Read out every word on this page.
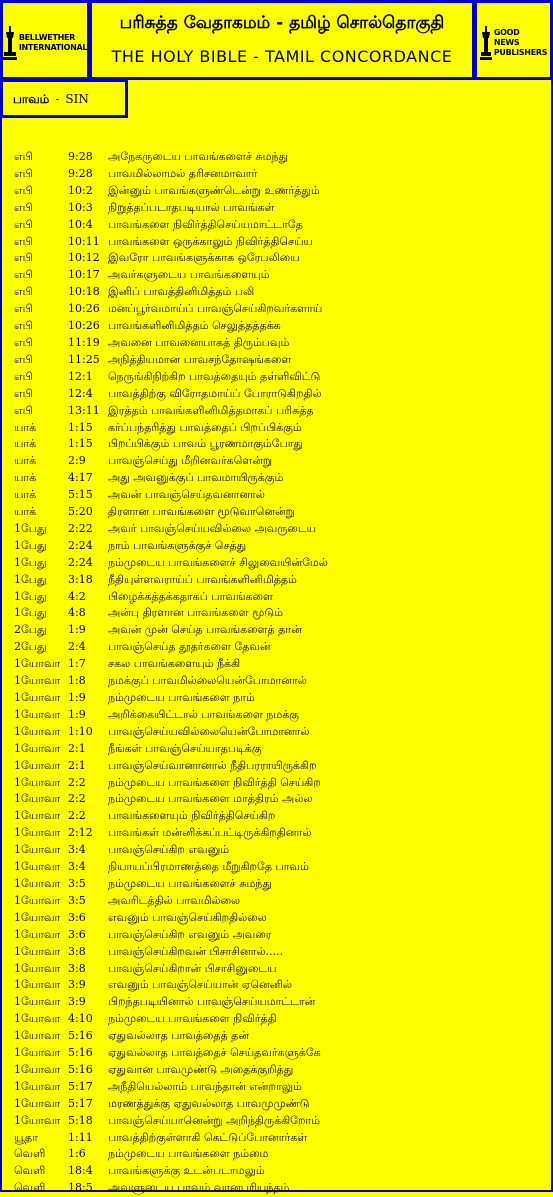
BELLWETHER INTERNATIONAL
பரிசுத்த வேதாகமம் - தமிழ் சொல்தொகுதி
THE HOLY BIBLE - TAMIL CONCORDANCE
GOOD NEWS PUBLISHERS
பாவம் - SIN
எபி	9:28 அநேகருடைய பாவங்களைச் சுமந்து
எபி	9:28 பாவமில்லாமல் தரிசனமாவார்
எபி	10:2 இன்னும் பாவங்களுண்டென்று உணர்த்தும்
எபி	10:3 நிறுத்தப்படாதபடியால் பாவங்கள்
எபி	10:4 பாவங்களை நிவிர்த்திசெய்யமாட்டாதே
எபி	10:11 பாவங்களை ஒருக்காலும் நிவிர்த்திசெய்ய
எபி	10:12 இவரோ பாவங்களுக்காக ஒரேபலியை
எபி	10:17 அவர்களுடைய பாவங்களையும்
எபி	10:18 இனிப் பாவத்தினிமித்தம் பலி
எபி	10:26 மனப்பூர்வமாய்ப் பாவஞ்செய்கிறவர்களாய்
எபி	10:26 பாவங்களினிமித்தம் செலுத்தத்தக்க
எபி	11:19 அவனை பாவனையாகத் திரும்பவும்
எபி	11:25 அநித்தியமான பாவசந்தோஷங்களை
எபி	12:1 நெருங்கிநிற்கிற பாவத்தையும் தள்ளிவிட்டு
எபி	12:4 பாவத்திற்கு விரோதமாய்ப் போராடுகிறதில்
எபி	13:11 இரத்தம் பாவங்களினிமித்தமாகப் பரிசுத்த
யாக்	1:15 கர்ப்பந்தரித்து பாவத்தைப் பிறப்பிக்கும்
யாக்	1:15 பிறப்பிக்கும் பாவம் பூரணமாகும்போது
யாக்	2:9 பாவஞ்செய்து மீறினவர்களென்று
யாக்	4:17 அது அவனுக்குப் பாவமாயிருக்கும்
யாக்	5:15 அவன் பாவஞ்செய்தவனானால்
யாக்	5:20 திரளான பாவங்களை மூடுவானென்று
1பேது 2:22 அவர் பாவஞ்செய்யவில்லை அவருடைய
1பேது 2:24 நாம் பாவங்களுக்குச் செத்து
1பேது 2:24 நம்முடைய பாவங்களைச் சிலுவையின்மேல்
1பேது 3:18 நீதியுள்ளவராய்ப் பாவங்களினிமித்தம்
1பேது 4:2 பிழைக்கத்தக்கதாகப் பாவங்களை
1பேது 4:8 அன்பு திரளான பாவங்களை மூடும்
2பேது 1:9 அவன் முன் செய்த பாவங்களைத் தான்
2பேது 2:4 பாவஞ்செய்த தூதர்களை தேவன்
1யோவா 1:7 சகல பாவங்களையும் நீக்கி
1யோவா 1:8 நமக்குப் பாவமில்லையென்போமானால்
1யோவா 1:9 நம்முடைய பாவங்களை நாம்
1யோவா 1:9 அறிக்கையிட்டால் பாவங்களை நமக்கு
1யோவா 1:10 பாவஞ்செய்யவில்லையென்போமானால்
1யோவா 2:1 நீங்கள் பாவஞ்செய்யாதபடிக்கு
1யோவா 2:1 பாவஞ்செய்வானானால் நீதிபரராயிருக்கிற
1யோவா 2:2 நம்முடைய பாவங்களை நிவிர்த்தி செய்கிற
1யோவா 2:2 நம்முடைய பாவங்களை மாத்திரம் அல்ல
1யோவா 2:2 பாவங்களையும் நிவிர்த்திசெய்கிற
1யோவா 2:12 பாவங்கள் மன்னிக்கப்பட்டிருக்கிறதினால்
1யோவா 3:4 பாவஞ்செய்கிற எவனும்
1யோவா 3:4 நியாயப்பிரமாணத்தை மீறுகிறதே பாவம்
1யோவா 3:5 நம்முடைய பாவங்களைச் சுமந்து
1யோவா 3:5 அவரிடத்தில் பாவமில்லை
1யோவா 3:6 எவனும் பாவஞ்செய்கிறதில்லை
1யோவா 3:6 பாவஞ்செய்கிற எவனும் அவரை
1யோவா 3:8 பாவஞ்செய்கிறவன் பிசாசினால்.....
1யோவா 3:8 பாவஞ்செய்கிறான் பிசாசினுடைய
1யோவா 3:9 எவனும் பாவஞ்செய்யான் ஏனெனில்
1யோவா 3:9 பிறந்தபடியினால் பாவஞ்செய்யமாட்டான்
1யோவா 4:10 நம்முடைய பாவங்களை நிவிர்த்தி
1யோவா 5:16 ஏதுவல்லாத பாவத்தைத் தன்
1யோவா 5:16 ஏதுவல்லாத பாவத்தைச் செய்தவர்களுக்கே
1யோவா 5:16 ஏதுவான பாவமுண்டு அதைக்குறித்து
1யோவா 5:17 அநீதியெல்லாம் பாவந்தான் என்றாலும்
1யோவா 5:17 மரணத்துக்கு ஏதுவல்லாத பாவமுமுண்டு
1யோவா 5:18 பாவஞ்செய்யானென்று அறிந்திருக்கிறோம்
யூதா	1:11 பாவத்திற்குள்ளாகி கெட்டுப்போனார்கள்
வெளி 1:6 நம்முடைய பாவங்களை நம்மை
வெளி 18:4 பாவங்களுக்கு உடன்படாமலும்
வெளி 18:5 அவளுடைய பாவம் வானபரியந்தம்
